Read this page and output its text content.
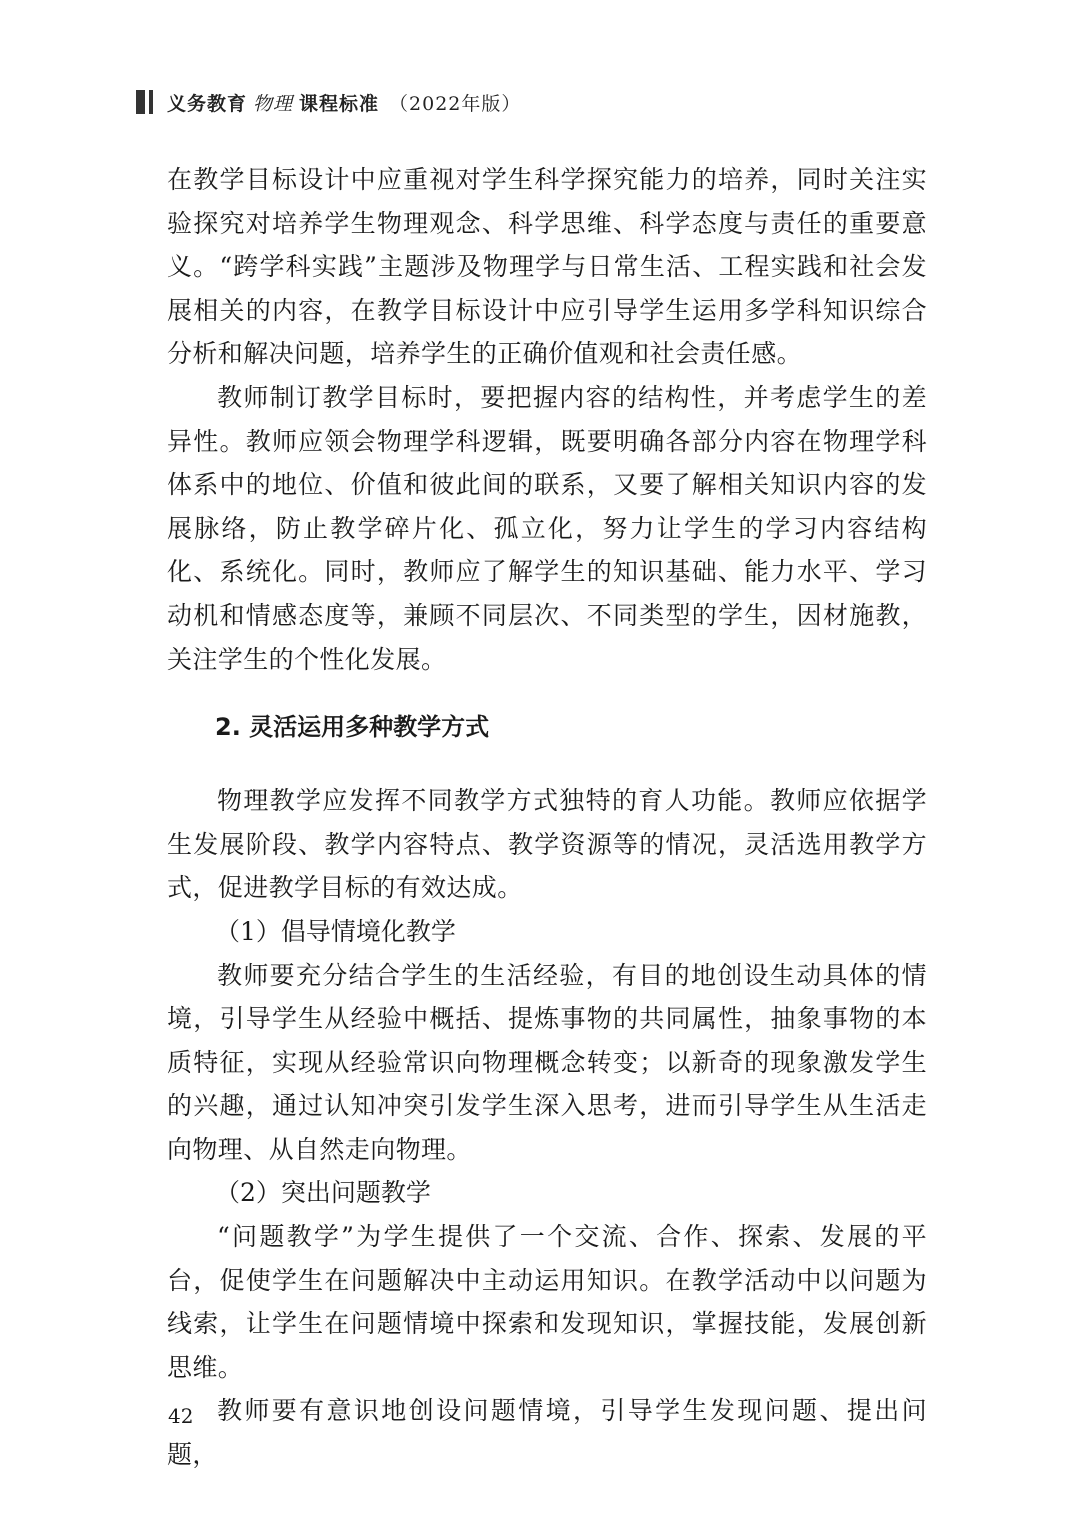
义务教育 物理 课程标准 （2022年版）

在教学目标设计中应重视对学生科学探究能力的培养，同时关注实验探究对培养学生物理观念、科学思维、科学态度与责任的重要意义。“跨学科实践”主题涉及物理学与日常生活、工程实践和社会发展相关的内容，在教学目标设计中应引导学生运用多学科知识综合分析和解决问题，培养学生的正确价值观和社会责任感。

教师制订教学目标时，要把握内容的结构性，并考虑学生的差异性。教师应领会物理学科逻辑，既要明确各部分内容在物理学科体系中的地位、价值和彼此间的联系，又要了解相关知识内容的发展脉络，防止教学碎片化、孤立化，努力让学生的学习内容结构化、系统化。同时，教师应了解学生的知识基础、能力水平、学习动机和情感态度等，兼顾不同层次、不同类型的学生，因材施教，关注学生的个性化发展。

2. 灵活运用多种教学方式

物理教学应发挥不同教学方式独特的育人功能。教师应依据学生发展阶段、教学内容特点、教学资源等的情况，灵活选用教学方式，促进教学目标的有效达成。

（1）倡导情境化教学

教师要充分结合学生的生活经验，有目的地创设生动具体的情境，引导学生从经验中概括、提炼事物的共同属性，抽象事物的本质特征，实现从经验常识向物理概念转变；以新奇的现象激发学生的兴趣，通过认知冲突引发学生深入思考，进而引导学生从生活走向物理、从自然走向物理。

（2）突出问题教学

“问题教学”为学生提供了一个交流、合作、探索、发展的平台，促使学生在问题解决中主动运用知识。在教学活动中以问题为线索，让学生在问题情境中探索和发现知识，掌握技能，发展创新思维。

教师要有意识地创设问题情境，引导学生发现问题、提出问题，

42
